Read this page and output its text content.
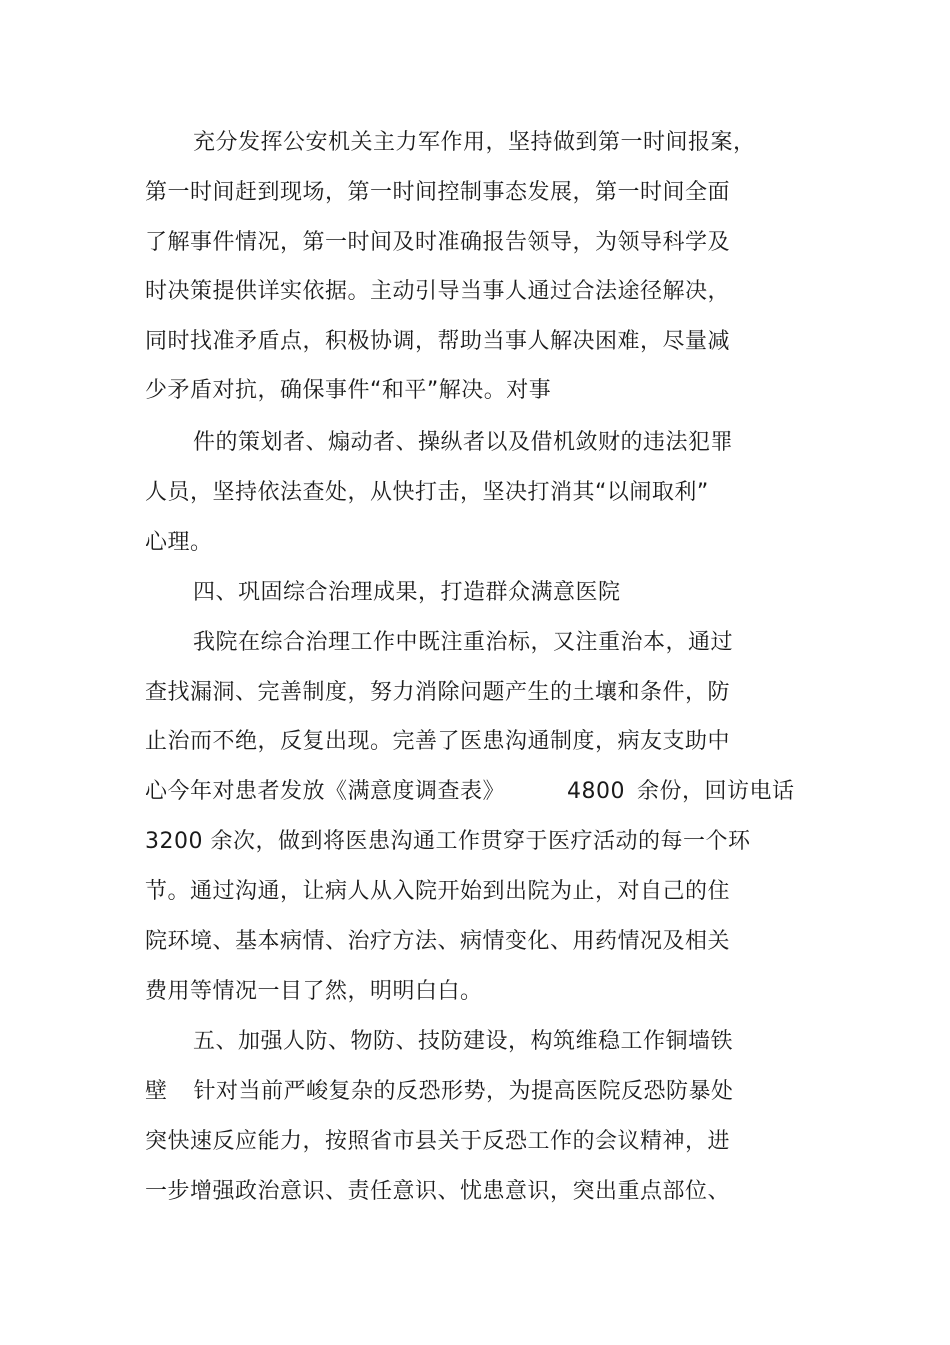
充分发挥公安机关主力军作用，坚持做到第一时间报案，
第一时间赶到现场，第一时间控制事态发展，第一时间全面
了解事件情况，第一时间及时准确报告领导，为领导科学及
时决策提供详实依据。主动引导当事人通过合法途径解决，
同时找准矛盾点，积极协调，帮助当事人解决困难，尽量减
少矛盾对抗，确保事件“和平”解决。对事
件的策划者、煽动者、操纵者以及借机敛财的违法犯罪
人员，坚持依法查处，从快打击，坚决打消其“以闹取利”
心理。
四、巩固综合治理成果，打造群众满意医院
我院在综合治理工作中既注重治标，又注重治本，通过
查找漏洞、完善制度，努力消除问题产生的土壤和条件，防
止治而不绝，反复出现。完善了医患沟通制度，病友支助中
心今年对患者发放《满意度调查表》	4800 余份，回访电话
3200 余次，做到将医患沟通工作贯穿于医疗活动的每一个环
节。通过沟通，让病人从入院开始到出院为止，对自己的住
院环境、基本病情、治疗方法、病情变化、用药情况及相关
费用等情况一目了然，明明白白。
五、加强人防、物防、技防建设，构筑维稳工作铜墙铁
壁 针对当前严峻复杂的反恐形势，为提高医院反恐防暴处
突快速反应能力，按照省市县关于反恐工作的会议精神，进
一步增强政治意识、责任意识、忧患意识，突出重点部位、
